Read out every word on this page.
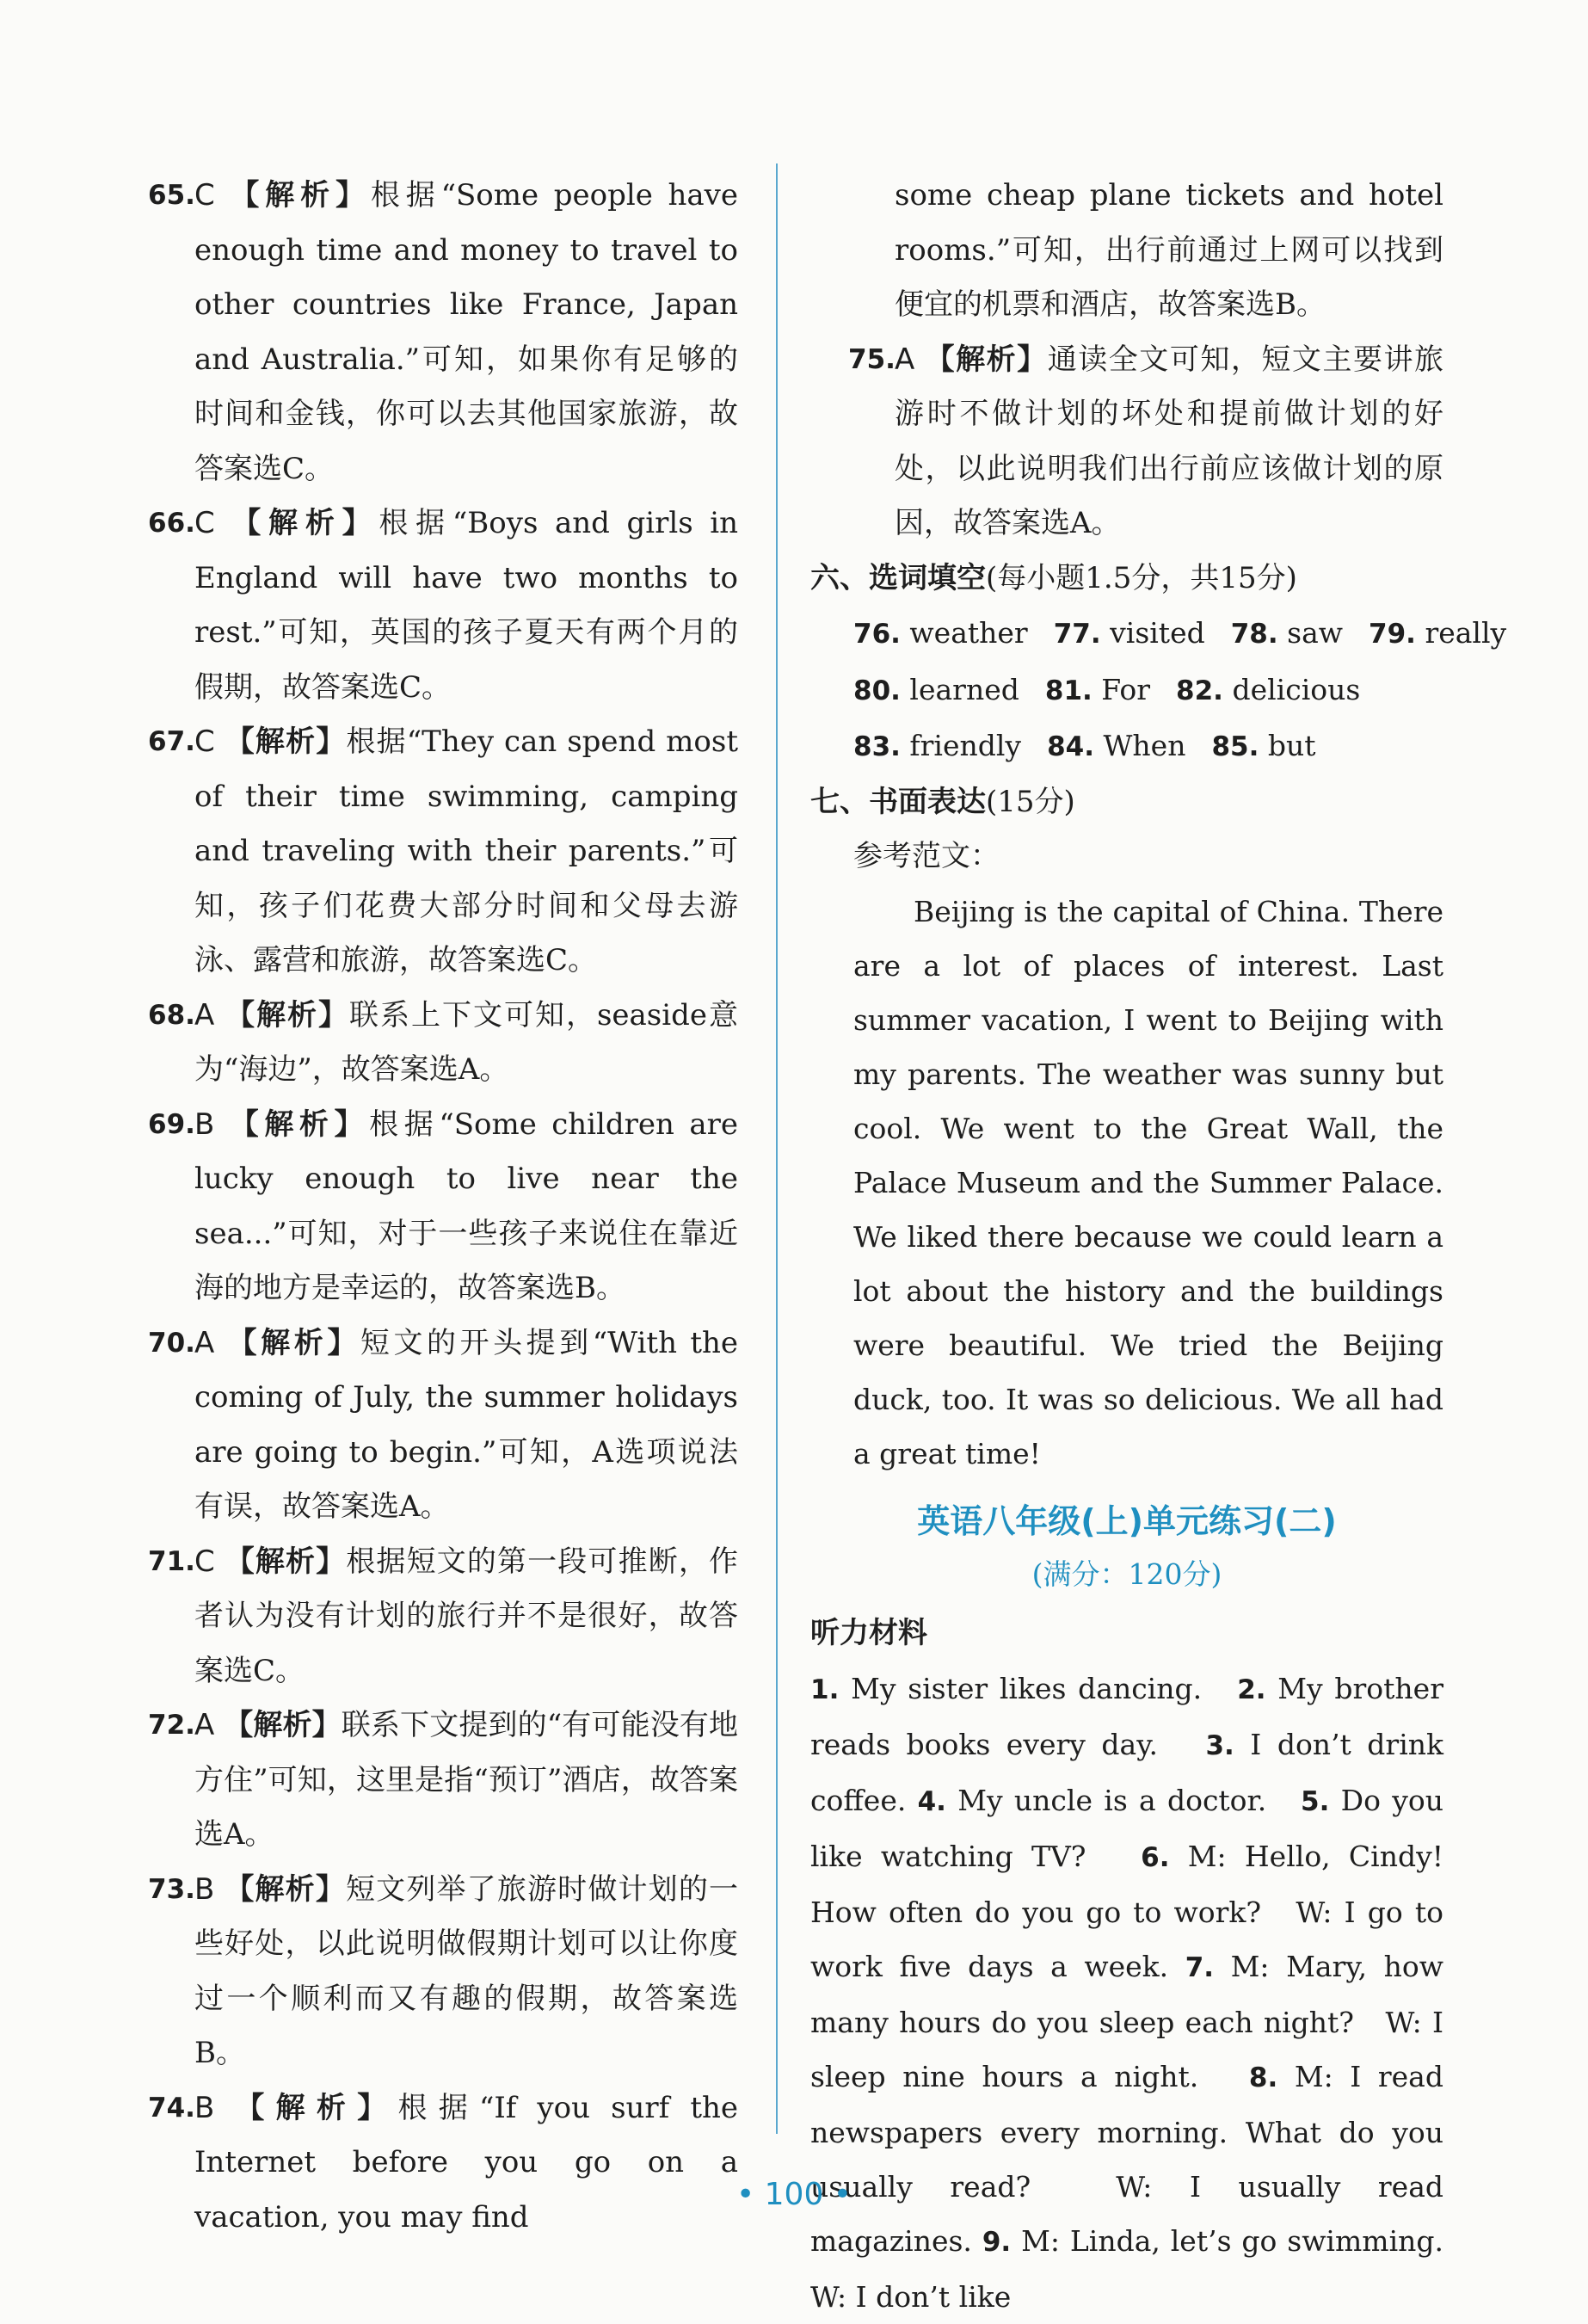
65. C 【解析】根据“Some people have enough time and money to travel to other countries like France, Japan and Australia.”可知，如果你有足够的时间和金钱，你可以去其他国家旅游，故答案选C。

66. C 【解析】根据“Boys and girls in England will have two months to rest.”可知，英国的孩子夏天有两个月的假期，故答案选C。

67. C 【解析】根据“They can spend most of their time swimming, camping and traveling with their parents.”可知，孩子们花费大部分时间和父母去游泳、露营和旅游，故答案选C。

68. A 【解析】联系上下文可知，seaside意为“海边”，故答案选A。

69. B 【解析】根据“Some children are lucky enough to live near the sea...”可知，对于一些孩子来说住在靠近海的地方是幸运的，故答案选B。

70. A 【解析】短文的开头提到“With the coming of July, the summer holidays are going to begin.”可知，A选项说法有误，故答案选A。

71. C 【解析】根据短文的第一段可推断，作者认为没有计划的旅行并不是很好，故答案选C。

72. A 【解析】联系下文提到的“有可能没有地方住”可知，这里是指“预订”酒店，故答案选A。

73. B 【解析】短文列举了旅游时做计划的一些好处，以此说明做假期计划可以让你度过一个顺利而又有趣的假期，故答案选B。

74. B 【解析】根据“If you surf the Internet before you go on a vacation, you may find

some cheap plane tickets and hotel rooms.”可知，出行前通过上网可以找到便宜的机票和酒店，故答案选B。

75. A 【解析】通读全文可知，短文主要讲旅游时不做计划的坏处和提前做计划的好处，以此说明我们出行前应该做计划的原因，故答案选A。

六、选词填空(每小题1.5分，共15分)

76. weather 77. visited 78. saw 79. really

80. learned 81. For 82. delicious

83. friendly 84. When 85. but

七、书面表达(15分)

参考范文：

Beijing is the capital of China. There are a lot of places of interest. Last summer vacation, I went to Beijing with my parents. The weather was sunny but cool. We went to the Great Wall, the Palace Museum and the Summer Palace. We liked there because we could learn a lot about the history and the buildings were beautiful. We tried the Beijing duck, too. It was so delicious. We all had a great time!

英语八年级(上)单元练习(二)

(满分：120分)

听力材料

1. My sister likes dancing. 2. My brother reads books every day. 3. I don’t drink coffee. 4. My uncle is a doctor. 5. Do you like watching TV? 6. M: Hello, Cindy! How often do you go to work?　W: I go to work five days a week. 7. M: Mary, how many hours do you sleep each night?　W: I sleep nine hours a night. 8. M: I read newspapers every morning. What do you usually read?　W: I usually read magazines. 9. M: Linda, let’s go swimming.　W: I don’t like

• 100 •
